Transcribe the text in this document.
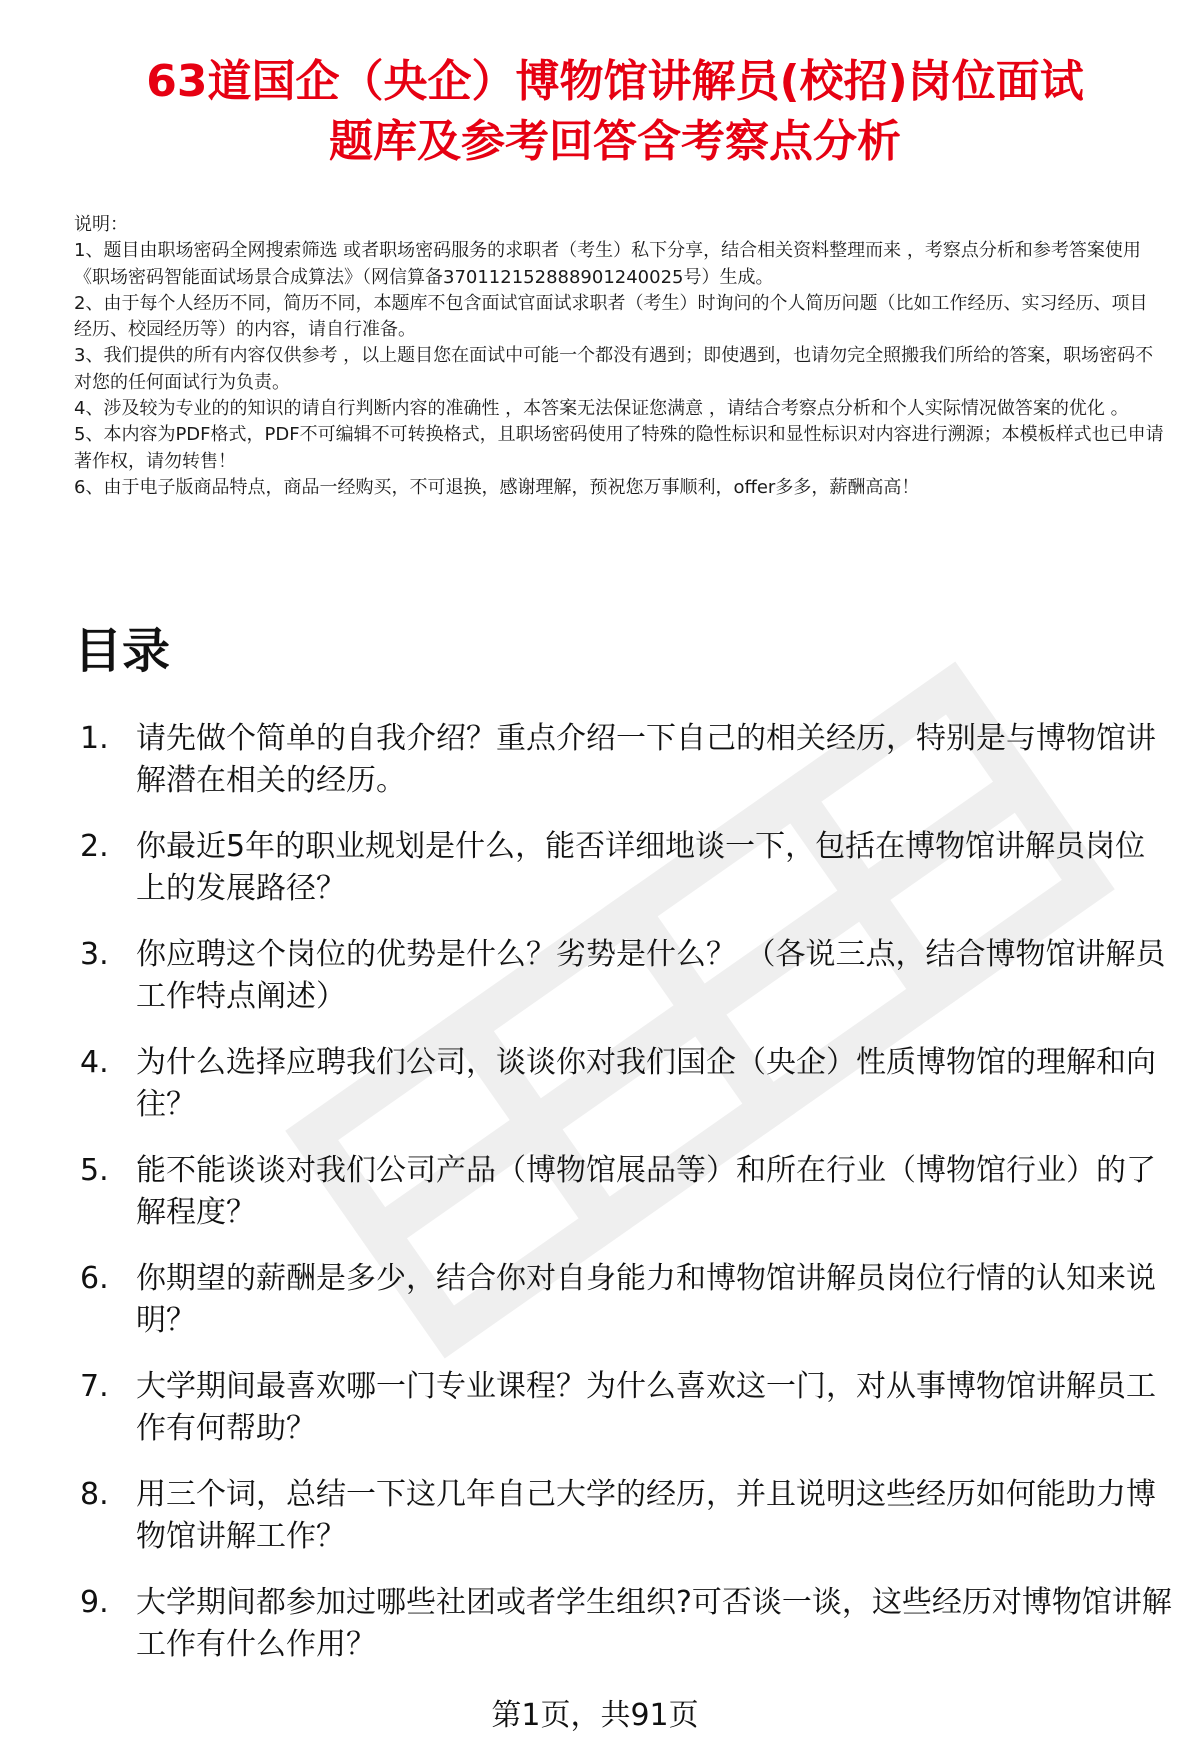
63道国企（央企）博物馆讲解员(校招)岗位面试
题库及参考回答含考察点分析

说明：

1、题目由职场密码全网搜索筛选 或者职场密码服务的求职者（考生）私下分享，结合相关资料整理而来 ，考察点分析和参考答案使用《职场密码智能面试场景合成算法》（网信算备370112152888901240025号）生成。

2、由于每个人经历不同，简历不同，本题库不包含面试官面试求职者（考生）时询问的个人简历问题（比如工作经历、实习经历、项目经历、校园经历等）的内容，请自行准备。

3、我们提供的所有内容仅供参考 ，以上题目您在面试中可能一个都没有遇到；即使遇到，也请勿完全照搬我们所给的答案，职场密码不对您的任何面试行为负责。

4、涉及较为专业的的知识的请自行判断内容的准确性 ，本答案无法保证您满意 ，请结合考察点分析和个人实际情况做答案的优化 。

5、本内容为PDF格式，PDF不可编辑不可转换格式，且职场密码使用了特殊的隐性标识和显性标识对内容进行溯源；本模板样式也已申请著作权，请勿转售！

6、由于电子版商品特点，商品一经购买，不可退换，感谢理解，预祝您万事顺利，offer多多，薪酬高高！

目录
1. 请先做个简单的自我介绍？重点介绍一下自己的相关经历，特别是与博物馆讲解潜在相关的经历。
2. 你最近5年的职业规划是什么，能否详细地谈一下，包括在博物馆讲解员岗位上的发展路径？
3. 你应聘这个岗位的优势是什么？劣势是什么？ （各说三点，结合博物馆讲解员工作特点阐述）
4. 为什么选择应聘我们公司，谈谈你对我们国企（央企）性质博物馆的理解和向往？
5. 能不能谈谈对我们公司产品（博物馆展品等）和所在行业（博物馆行业）的了解程度？
6. 你期望的薪酬是多少，结合你对自身能力和博物馆讲解员岗位行情的认知来说明？
7. 大学期间最喜欢哪一门专业课程？为什么喜欢这一门，对从事博物馆讲解员工作有何帮助？
8. 用三个词，总结一下这几年自己大学的经历，并且说明这些经历如何能助力博物馆讲解工作？
9. 大学期间都参加过哪些社团或者学生组织?可否谈一谈，这些经历对博物馆讲解工作有什么作用？
第1页，共91页
